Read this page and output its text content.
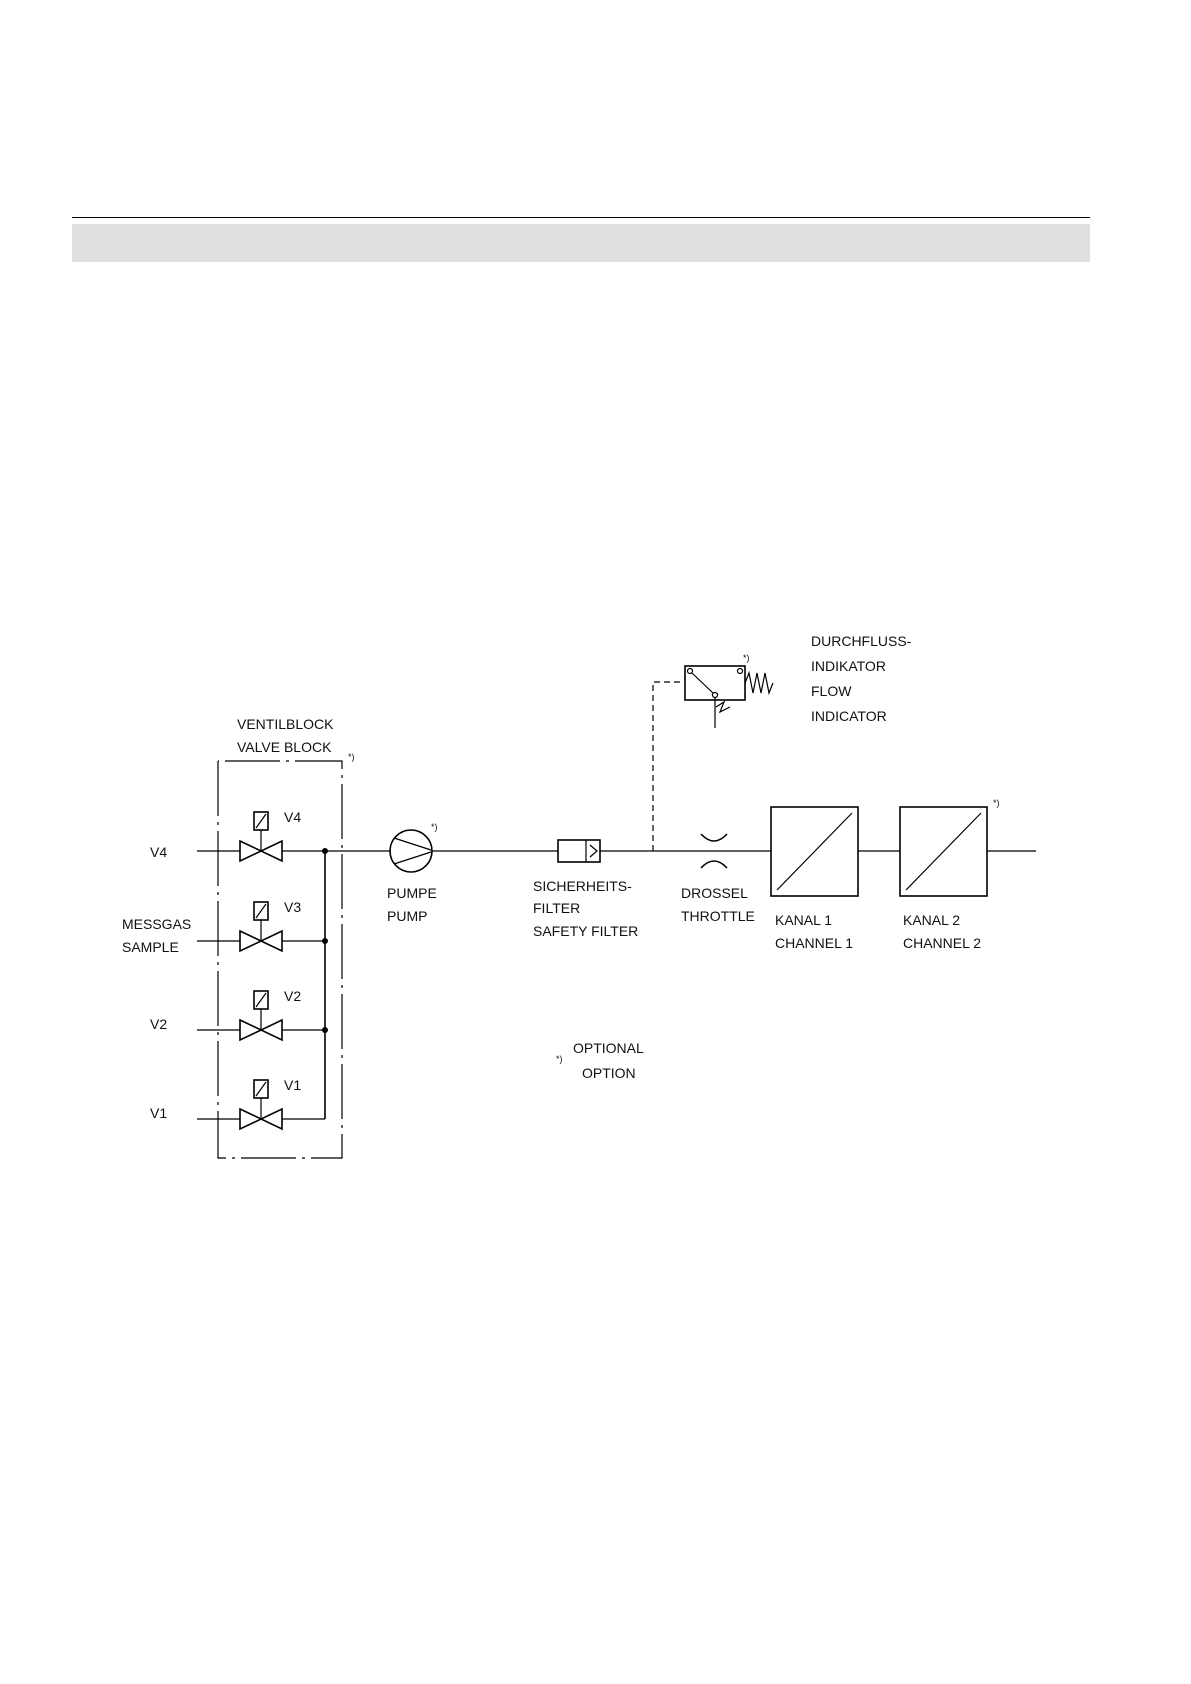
VENTILBLOCK
VALVE BLOCK
*)
V4
MESSGAS
SAMPLE
V2
V1
V4
V3
V2
V1
*)
PUMPE
PUMP
SICHERHEITS-
FILTER
SAFETY FILTER
*)
DURCHFLUSS-
INDIKATOR
FLOW
INDICATOR
DROSSEL
THROTTLE KANAL 1
CHANNEL 1
*)
KANAL 2
CHANNEL 2
*)
OPTIONAL
OPTION
